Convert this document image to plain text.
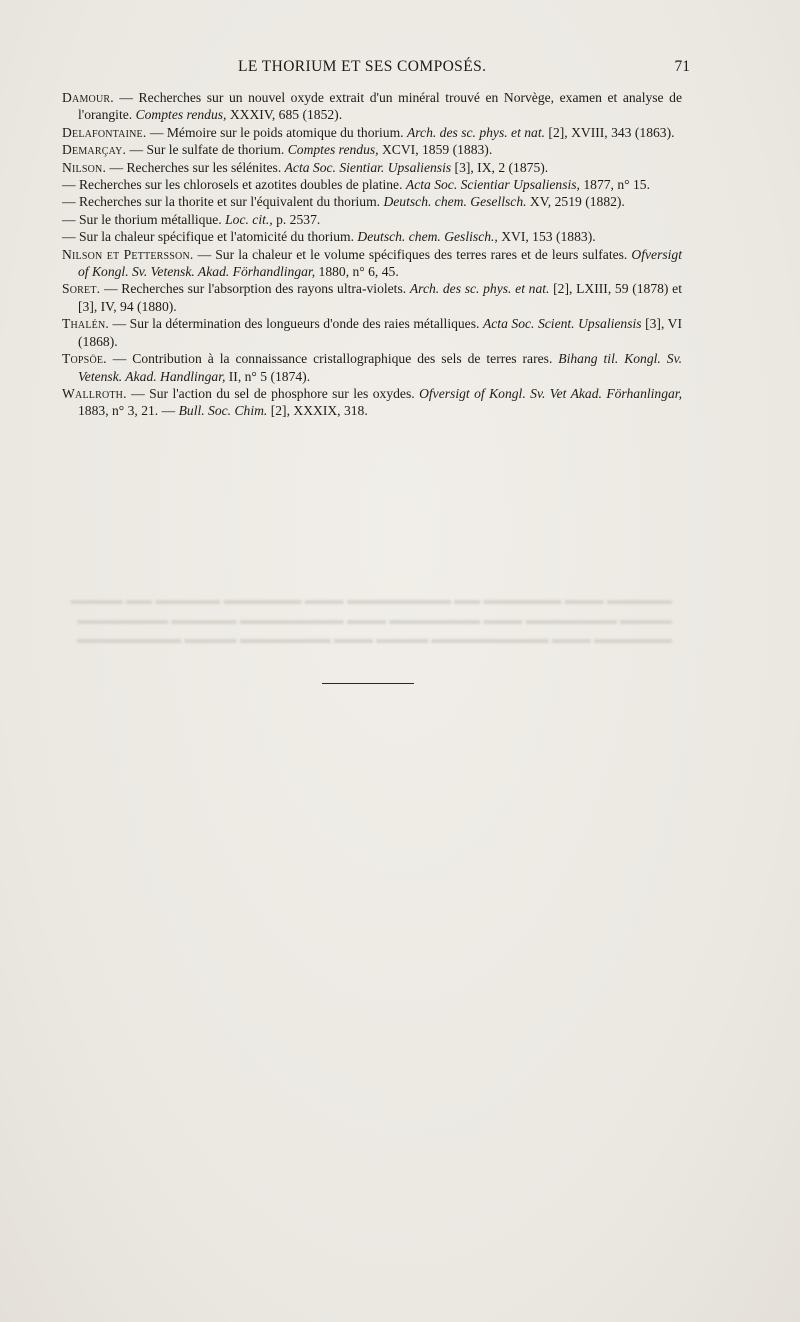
LE THORIUM ET SES COMPOSÉS.	71

Damour. — Recherches sur un nouvel oxyde extrait d'un minéral trouvé en Norvège, examen et analyse de l'orangite. Comptes rendus, XXXIV, 685 (1852).

Delafontaine. — Mémoire sur le poids atomique du thorium. Arch. des sc. phys. et nat. [2], XVIII, 343 (1863).

Demarçay. — Sur le sulfate de thorium. Comptes rendus, XCVI, 1859 (1883).

Nilson. — Recherches sur les sélénites. Acta Soc. Sientiar. Upsaliensis [3], IX, 2 (1875).

— Recherches sur les chlorosels et azotites doubles de platine. Acta Soc. Scientiar Upsaliensis, 1877, n° 15.

— Recherches sur la thorite et sur l'équivalent du thorium. Deutsch. chem. Gesellsch. XV, 2519 (1882).

— Sur le thorium métallique. Loc. cit., p. 2537.

— Sur la chaleur spécifique et l'atomicité du thorium. Deutsch. chem. Geslisch., XVI, 153 (1883).

Nilson et Pettersson. — Sur la chaleur et le volume spécifiques des terres rares et de leurs sulfates. Ofversigt of Kongl. Sv. Vetensk. Akad. Förhandlingar, 1880, n° 6, 45.

Soret. — Recherches sur l'absorption des rayons ultra-violets. Arch. des sc. phys. et nat. [2], LXIII, 59 (1878) et [3], IV, 94 (1880).

Thalén. — Sur la détermination des longueurs d'onde des raies métalliques. Acta Soc. Scient. Upsaliensis [3], VI (1868).

Topsöe. — Contribution à la connaissance cristallographique des sels de terres rares. Bihang til. Kongl. Sv. Vetensk. Akad. Handlingar, II, n° 5 (1874).

Wallroth. — Sur l'action du sel de phosphore sur les oxydes. Ofversigt of Kongl. Sv. Vet Akad. Förhanlingar, 1883, n° 3, 21. — Bull. Soc. Chim. [2], XXXIX, 318.

▬▬▬▬▬ ▬▬▬ ▬▬▬▬▬▬ ▬▬ ▬▬▬▬▬▬▬▬ ▬▬▬ ▬▬▬▬▬▬ ▬▬▬▬▬ ▬▬ ▬▬▬▬

▬▬▬▬ ▬▬▬▬▬▬▬ ▬▬▬ ▬▬▬▬▬▬▬ ▬▬▬ ▬▬▬▬▬▬▬▬ ▬▬▬▬▬ ▬▬▬▬▬▬▬

▬▬▬▬▬▬ ▬▬▬ ▬▬▬▬▬▬▬▬▬ ▬▬▬▬ ▬▬▬ ▬▬▬▬▬▬▬ ▬▬▬▬ ▬▬▬▬▬▬▬▬
